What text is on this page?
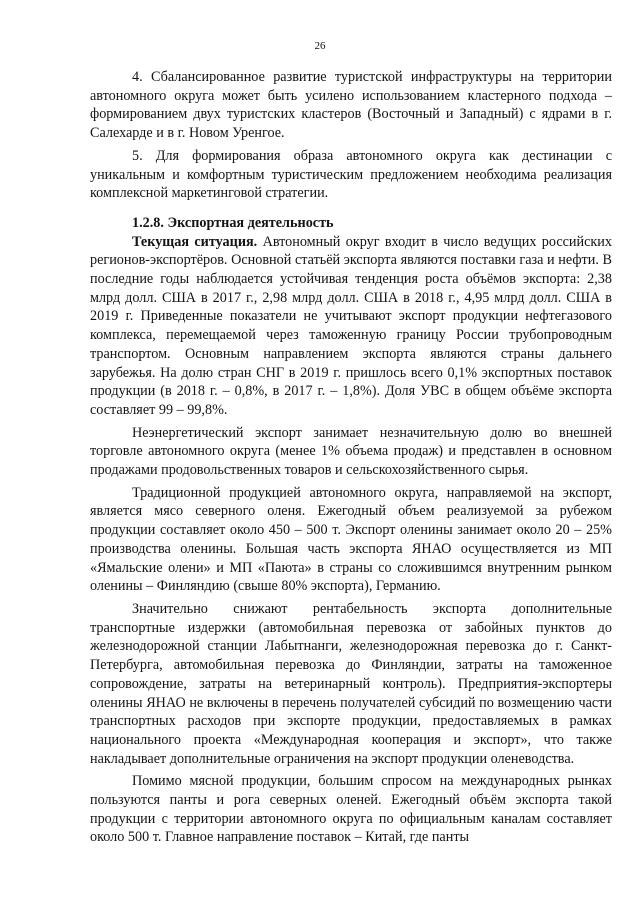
26

4. Сбалансированное развитие туристской инфраструктуры на территории автономного округа может быть усилено использованием кластерного подхода – формированием двух туристских кластеров (Восточный и Западный) с ядрами в г. Салехарде и в г. Новом Уренгое.

5. Для формирования образа автономного округа как дестинации с уникальным и комфортным туристическим предложением необходима реализация комплексной маркетинговой стратегии.

1.2.8. Экспортная деятельность

Текущая ситуация. Автономный округ входит в число ведущих российских регионов-экспортёров. Основной статьёй экспорта являются поставки газа и нефти. В последние годы наблюдается устойчивая тенденция роста объёмов экспорта: 2,38 млрд долл. США в 2017 г., 2,98 млрд долл. США в 2018 г., 4,95 млрд долл. США в 2019 г. Приведенные показатели не учитывают экспорт продукции нефтегазового комплекса, перемещаемой через таможенную границу России трубопроводным транспортом. Основным направлением экспорта являются страны дальнего зарубежья. На долю стран СНГ в 2019 г. пришлось всего 0,1% экспортных поставок продукции (в 2018 г. – 0,8%, в 2017 г. – 1,8%). Доля УВС в общем объёме экспорта составляет 99 – 99,8%.

Неэнергетический экспорт занимает незначительную долю во внешней торговле автономного округа (менее 1% объема продаж) и представлен в основном продажами продовольственных товаров и сельскохозяйственного сырья.

Традиционной продукцией автономного округа, направляемой на экспорт, является мясо северного оленя. Ежегодный объем реализуемой за рубежом продукции составляет около 450 – 500 т. Экспорт оленины занимает около 20 – 25% производства оленины. Большая часть экспорта ЯНАО осуществляется из МП «Ямальские олени» и МП «Паюта» в страны со сложившимся внутренним рынком оленины – Финляндию (свыше 80% экспорта), Германию.

Значительно снижают рентабельность экспорта дополнительные транспортные издержки (автомобильная перевозка от забойных пунктов до железнодорожной станции Лабытнанги, железнодорожная перевозка до г. Санкт-Петербурга, автомобильная перевозка до Финляндии, затраты на таможенное сопровождение, затраты на ветеринарный контроль). Предприятия-экспортеры оленины ЯНАО не включены в перечень получателей субсидий по возмещению части транспортных расходов при экспорте продукции, предоставляемых в рамках национального проекта «Международная кооперация и экспорт», что также накладывает дополнительные ограничения на экспорт продукции оленеводства.

Помимо мясной продукции, большим спросом на международных рынках пользуются панты и рога северных оленей. Ежегодный объём экспорта такой продукции с территории автономного округа по официальным каналам составляет около 500 т. Главное направление поставок – Китай, где панты
